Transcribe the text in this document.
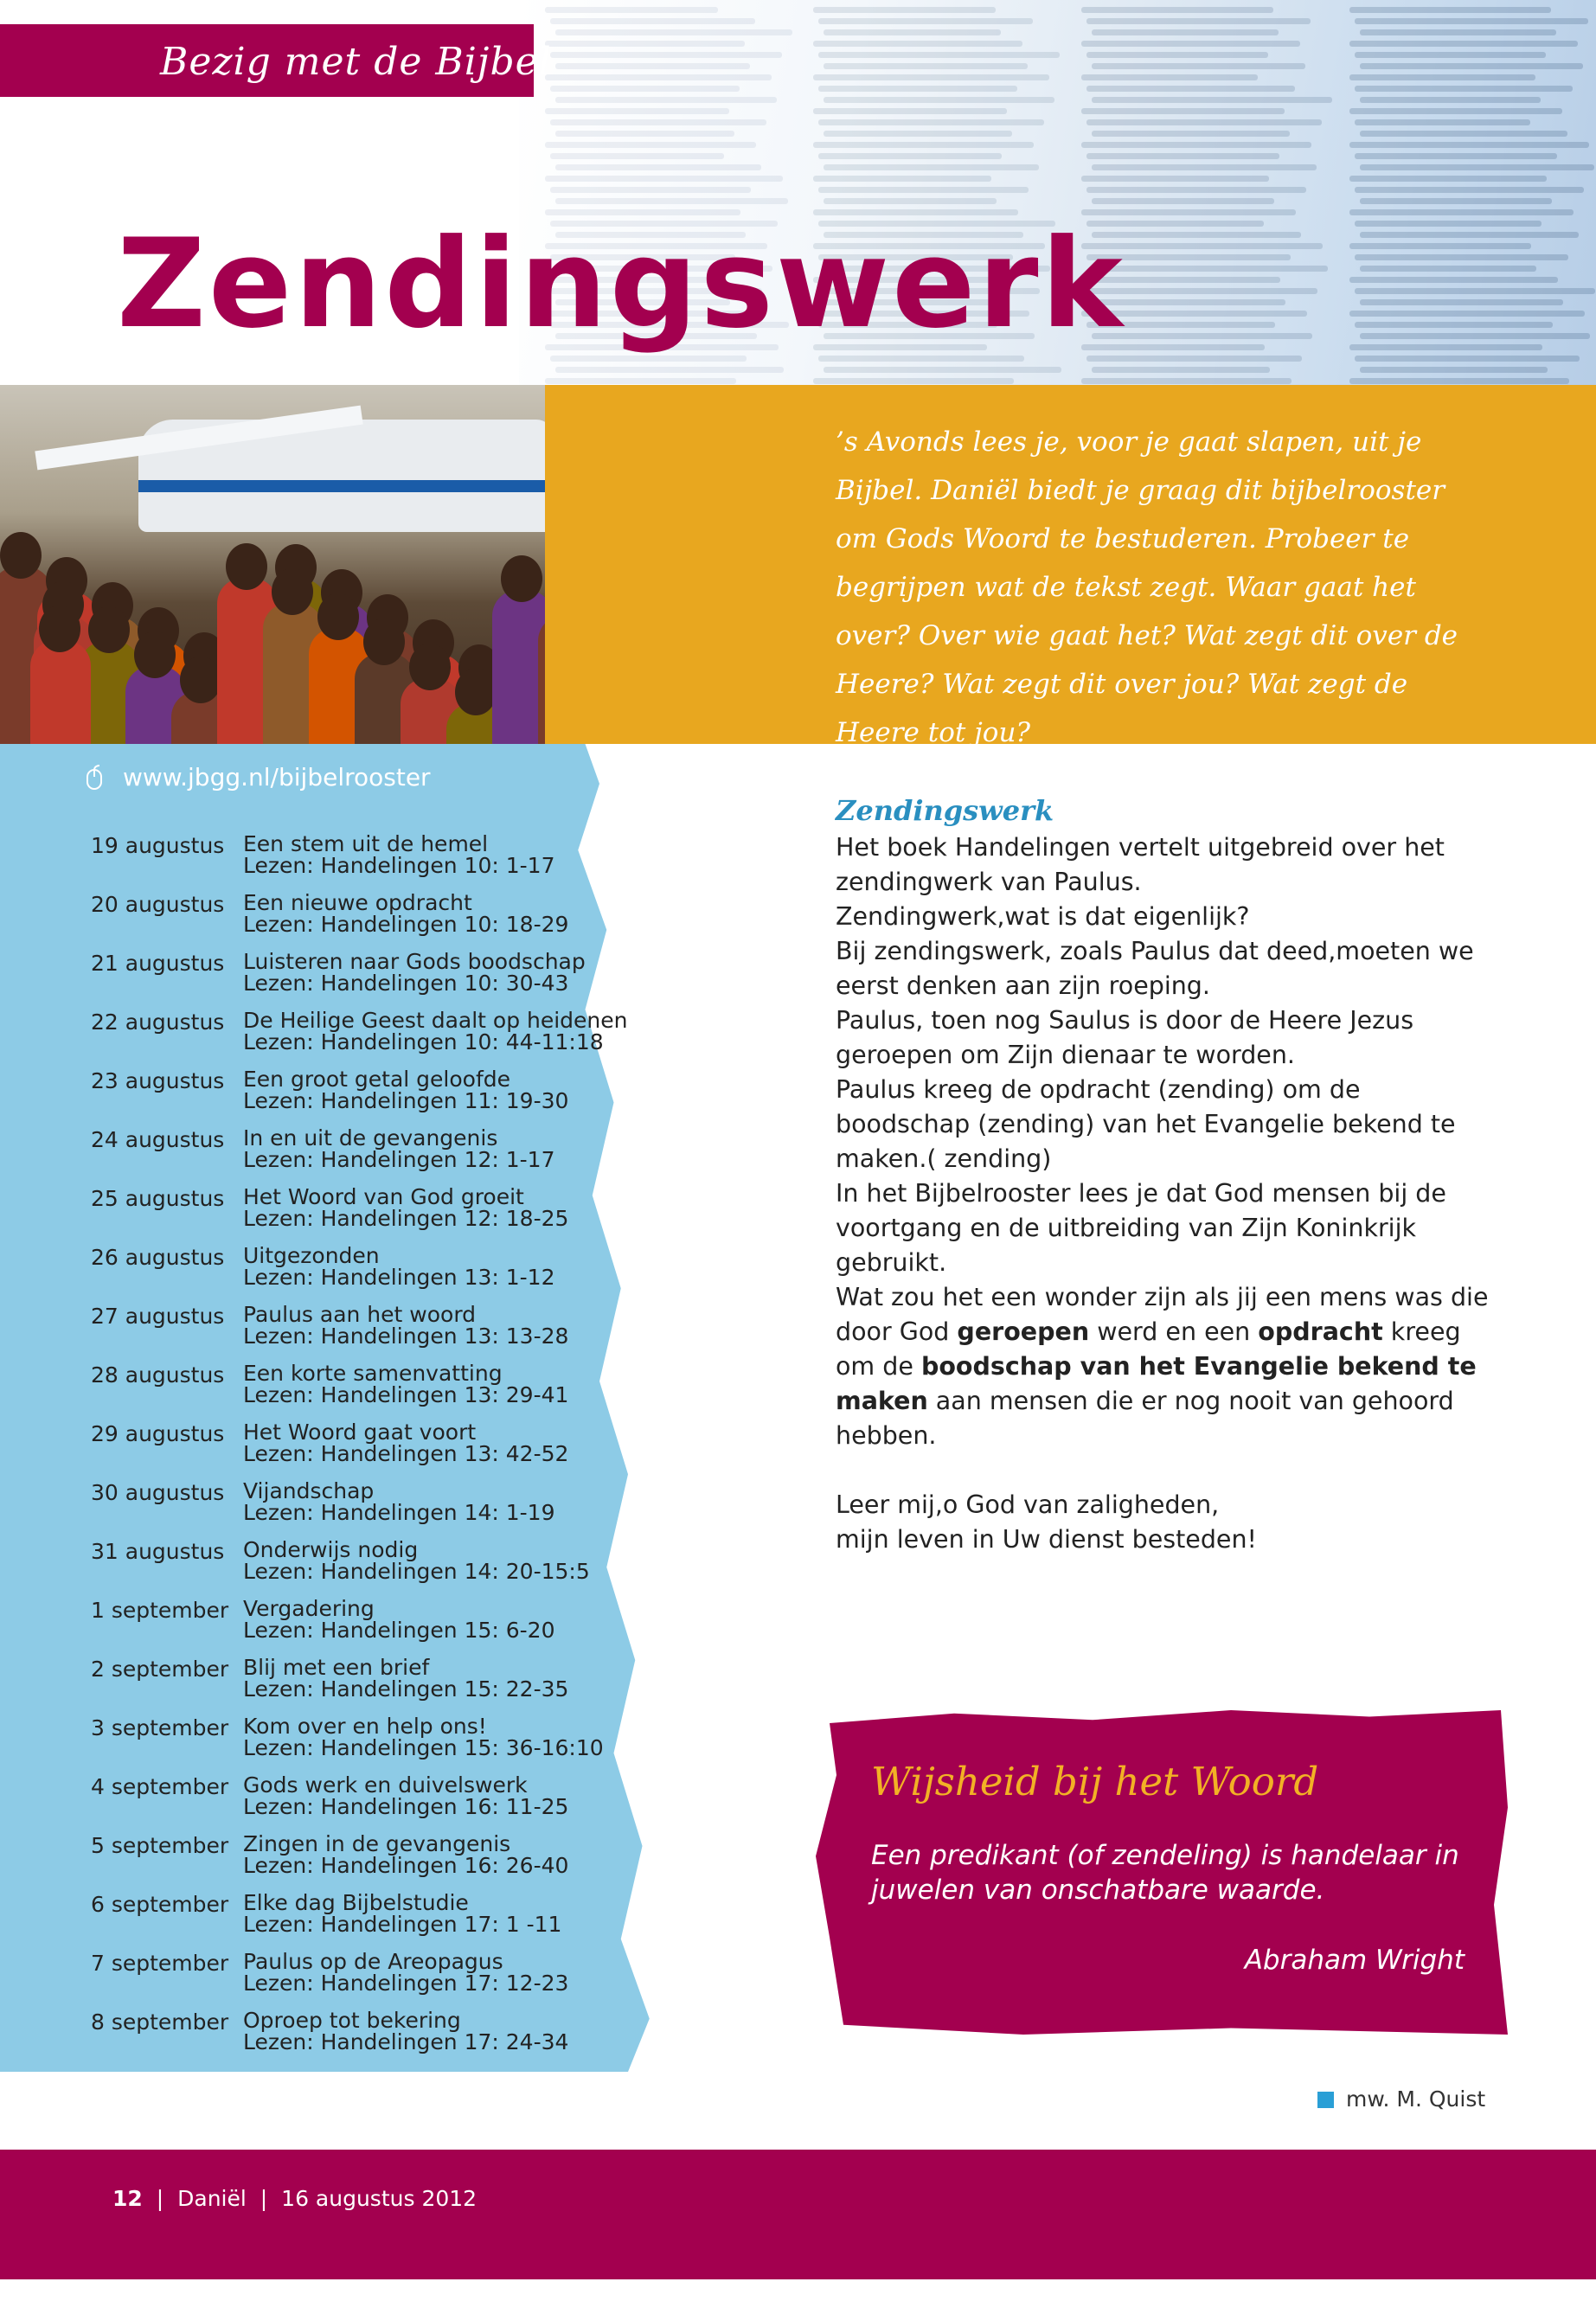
Bezig met de Bijbel
Zendingswerk
’s Avonds lees je, voor je gaat slapen, uit je Bijbel. Daniël biedt je graag dit bijbelrooster om Gods Woord te bestuderen. Probeer te begrijpen wat de tekst zegt. Waar gaat het over? Over wie gaat het? Wat zegt dit over de Heere? Wat zegt dit over jou? Wat zegt de Heere tot jou?
www.jbgg.nl/bijbelrooster
19 augustus Een stem uit de hemel
Lezen: Handelingen 10: 1-17
20 augustus Een nieuwe opdracht
Lezen: Handelingen 10: 18-29
21 augustus Luisteren naar Gods boodschap
Lezen: Handelingen 10: 30-43
22 augustus De Heilige Geest daalt op heidenen
Lezen: Handelingen 10: 44-11:18
23 augustus Een groot getal geloofde
Lezen: Handelingen 11: 19-30
24 augustus In en uit de gevangenis
Lezen: Handelingen 12: 1-17
25 augustus Het Woord van God groeit
Lezen: Handelingen 12: 18-25
26 augustus Uitgezonden
Lezen: Handelingen 13: 1-12
27 augustus Paulus aan het woord
Lezen: Handelingen 13: 13-28
28 augustus Een korte samenvatting
Lezen: Handelingen 13: 29-41
29 augustus Het Woord gaat voort
Lezen: Handelingen 13: 42-52
30 augustus Vijandschap
Lezen: Handelingen 14: 1-19
31 augustus Onderwijs nodig
Lezen: Handelingen 14: 20-15:5
1 september Vergadering
Lezen: Handelingen 15: 6-20
2 september Blij met een brief
Lezen: Handelingen 15: 22-35
3 september Kom over en help ons!
Lezen: Handelingen 15: 36-16:10
4 september Gods werk en duivelswerk
Lezen: Handelingen 16: 11-25
5 september Zingen in de gevangenis
Lezen: Handelingen 16: 26-40
6 september Elke dag Bijbelstudie
Lezen: Handelingen 17: 1 -11
7 september Paulus op de Areopagus
Lezen: Handelingen 17: 12-23
8 september Oproep tot bekering
Lezen: Handelingen 17: 24-34
Zendingswerk

Het boek Handelingen vertelt uitgebreid over het zendingwerk van Paulus.

Zendingwerk,wat is dat eigenlijk?

Bij zendingswerk, zoals Paulus dat deed,moeten we eerst denken aan zijn roeping.

Paulus, toen nog Saulus is door de Heere Jezus geroepen om Zijn dienaar te worden.

Paulus kreeg de opdracht (zending) om de boodschap (zending) van het Evangelie bekend te maken.( zending)

In het Bijbelrooster lees je dat God mensen bij de voortgang en de uitbreiding van Zijn Koninkrijk gebruikt.

Wat zou het een wonder zijn als jij een mens was die door God geroepen werd en een opdracht kreeg om de boodschap van het Evangelie bekend te maken aan mensen die er nog nooit van gehoord hebben.

Leer mij,o God van zaligheden,

mijn leven in Uw dienst besteden!

Wijsheid bij het Woord
Een predikant (of zendeling) is handelaar in juwelen van onschatbare waarde.
Abraham Wright
mw. M. Quist
12 | Daniël | 16 augustus 2012
